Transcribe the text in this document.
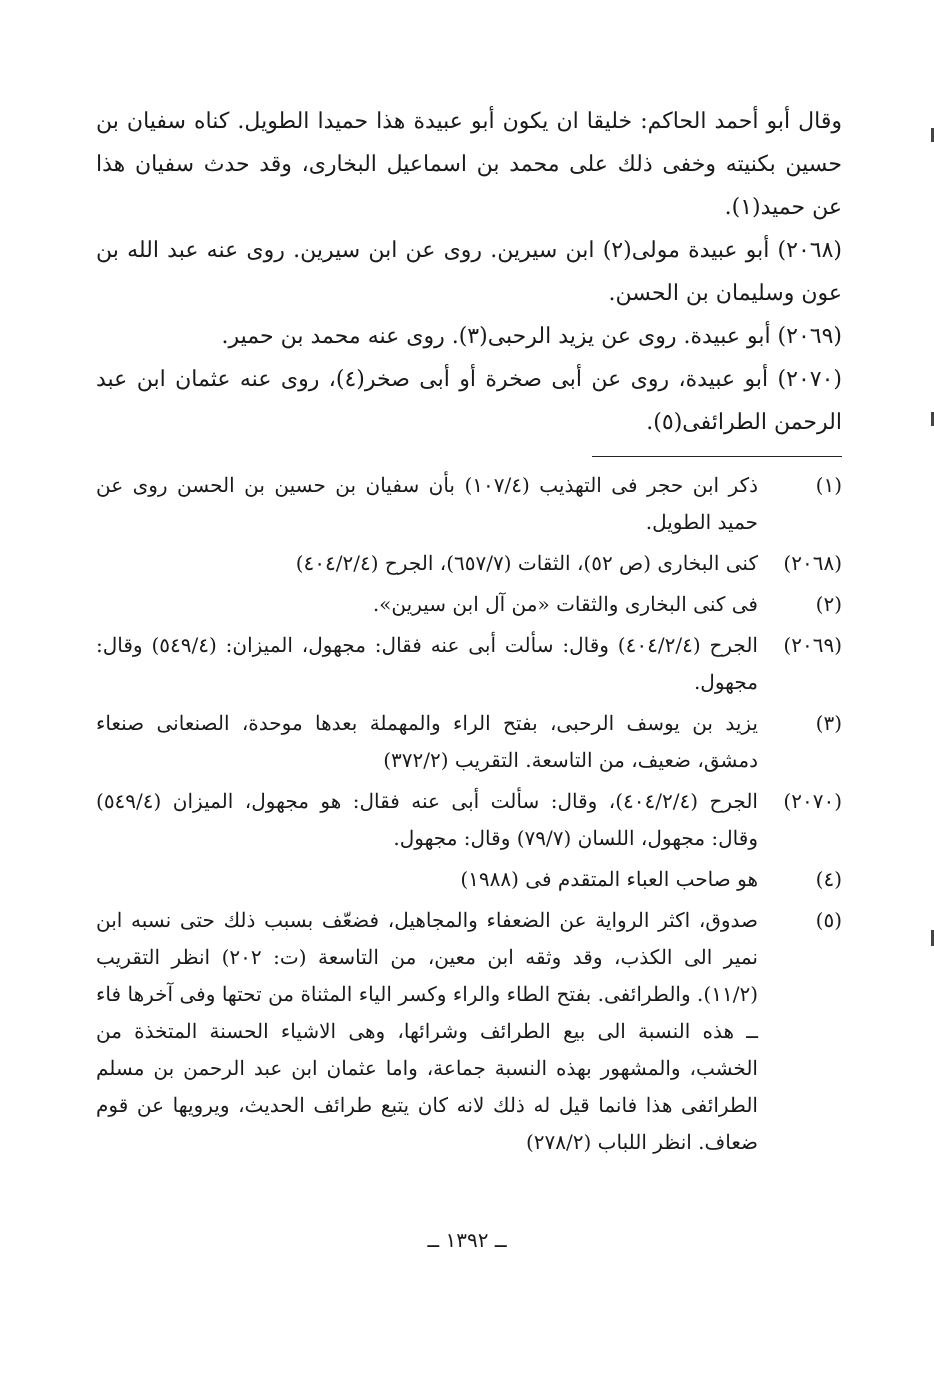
وقال أبو أحمد الحاكم: خليقا ان يكون أبو عبيدة هذا حميدا الطويل. كناه سفيان بن حسين بكنيته وخفى ذلك على محمد بن اسماعيل البخارى، وقد حدث سفيان هذا عن حميد(١).

(٢٠٦٨) أبو عبيدة مولى(٢) ابن سيرين. روى عن ابن سيرين. روى عنه عبد الله بن عون وسليمان بن الحسن.

(٢٠٦٩) أبو عبيدة. روى عن يزيد الرحبى(٣). روى عنه محمد بن حمير.

(٢٠٧٠) أبو عبيدة، روى عن أبى صخرة أو أبى صخر(٤)، روى عنه عثمان ابن عبد الرحمن الطرائفى(٥).

(١)
ذكر ابن حجر فى التهذيب (١٠٧/٤) بأن سفيان بن حسين بن الحسن روى عن حميد الطويل.
(٢٠٦٨)
كنى البخارى (ص ٥٢)، الثقات (٦٥٧/٧)، الجرح (٤٠٤/٢/٤)
(٢)
فى كنى البخارى والثقات «من آل ابن سيرين».
(٢٠٦٩)
الجرح (٤٠٤/٢/٤) وقال: سألت أبى عنه فقال: مجهول، الميزان: (٥٤٩/٤) وقال: مجهول.
(٣)
يزيد بن يوسف الرحبى، بفتح الراء والمهملة بعدها موحدة، الصنعانى صنعاء دمشق، ضعيف، من التاسعة. التقريب (٣٧٢/٢)
(٢٠٧٠)
الجرح (٤٠٤/٢/٤)، وقال: سألت أبى عنه فقال: هو مجهول، الميزان (٥٤٩/٤) وقال: مجهول، اللسان (٧٩/٧) وقال: مجهول.
(٤)
هو صاحب العباء المتقدم فى (١٩٨٨)
(٥)
صدوق، اكثر الرواية عن الضعفاء والمجاهيل، فضعّف بسبب ذلك حتى نسبه ابن نمير الى الكذب، وقد وثقه ابن معين، من التاسعة (ت: ٢٠٢) انظر التقريب (١١/٢). والطرائفى. بفتح الطاء والراء وكسر الياء المثناة من تحتها وفى آخرها فاء ــ هذه النسبة الى بيع الطرائف وشرائها، وهى الاشياء الحسنة المتخذة من الخشب، والمشهور بهذه النسبة جماعة، واما عثمان ابن عبد الرحمن بن مسلم الطرائفى هذا فانما قيل له ذلك لانه كان يتبع طرائف الحديث، ويرويها عن قوم ضعاف. انظر اللباب (٢٧٨/٢)
ــ ١٣٩٢ ــ
